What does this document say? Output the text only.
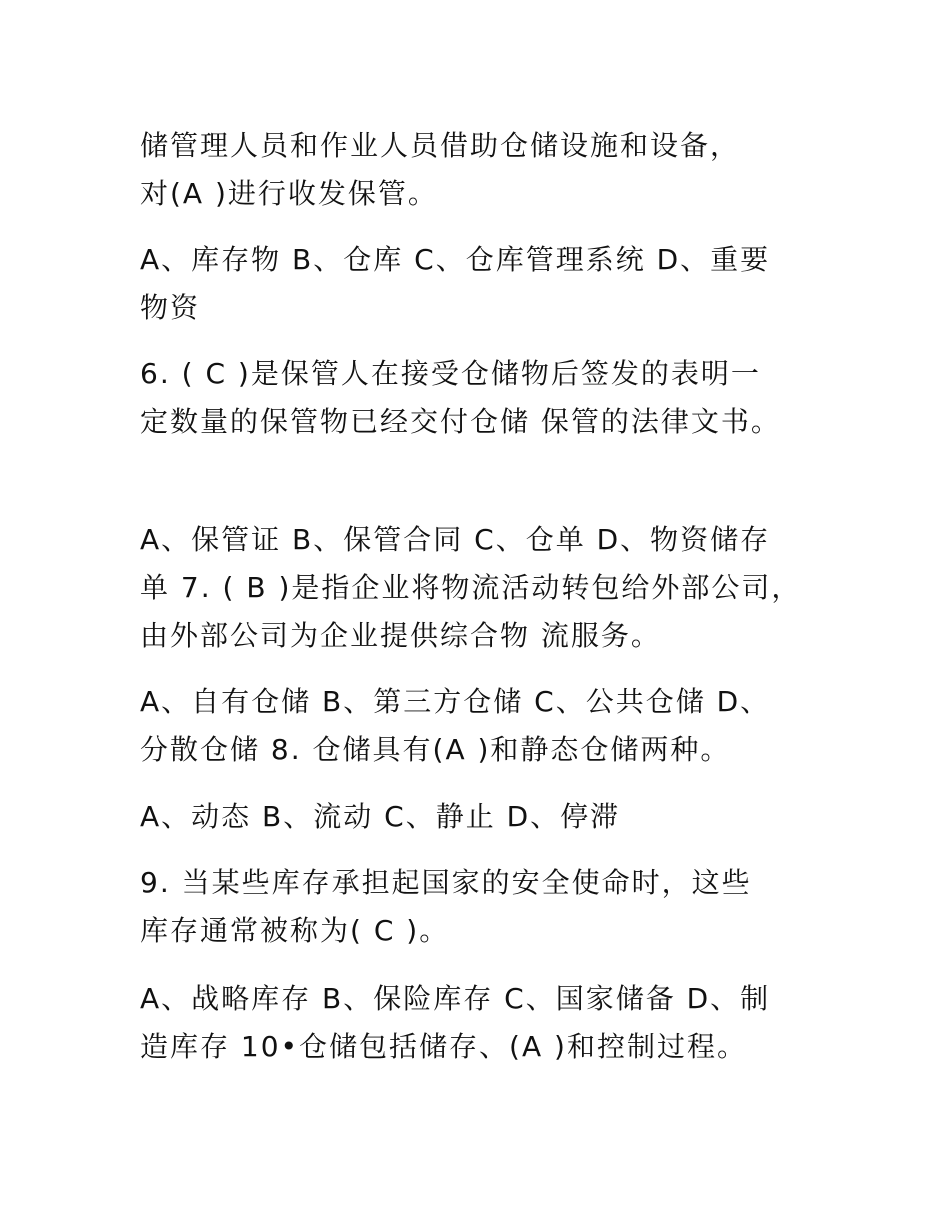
储管理人员和作业人员借助仓储设施和设备，
对(A )进行收发保管。

A、库存物 B、仓库 C、仓库管理系统 D、重要
物资

6. ( C )是保管人在接受仓储物后签发的表明一
定数量的保管物已经交付仓储 保管的法律文书。

A、保管证 B、保管合同 C、仓单 D、物资储存
单 7. ( B )是指企业将物流活动转包给外部公司，
由外部公司为企业提供综合物 流服务。

A、自有仓储 B、第三方仓储 C、公共仓储 D、
分散仓储 8. 仓储具有(A )和静态仓储两种。

A、动态 B、流动 C、静止 D、停滞

9. 当某些库存承担起国家的安全使命时，这些
库存通常被称为( C )。

A、战略库存 B、保险库存 C、国家储备 D、制
造库存 10•仓储包括储存、(A )和控制过程。
